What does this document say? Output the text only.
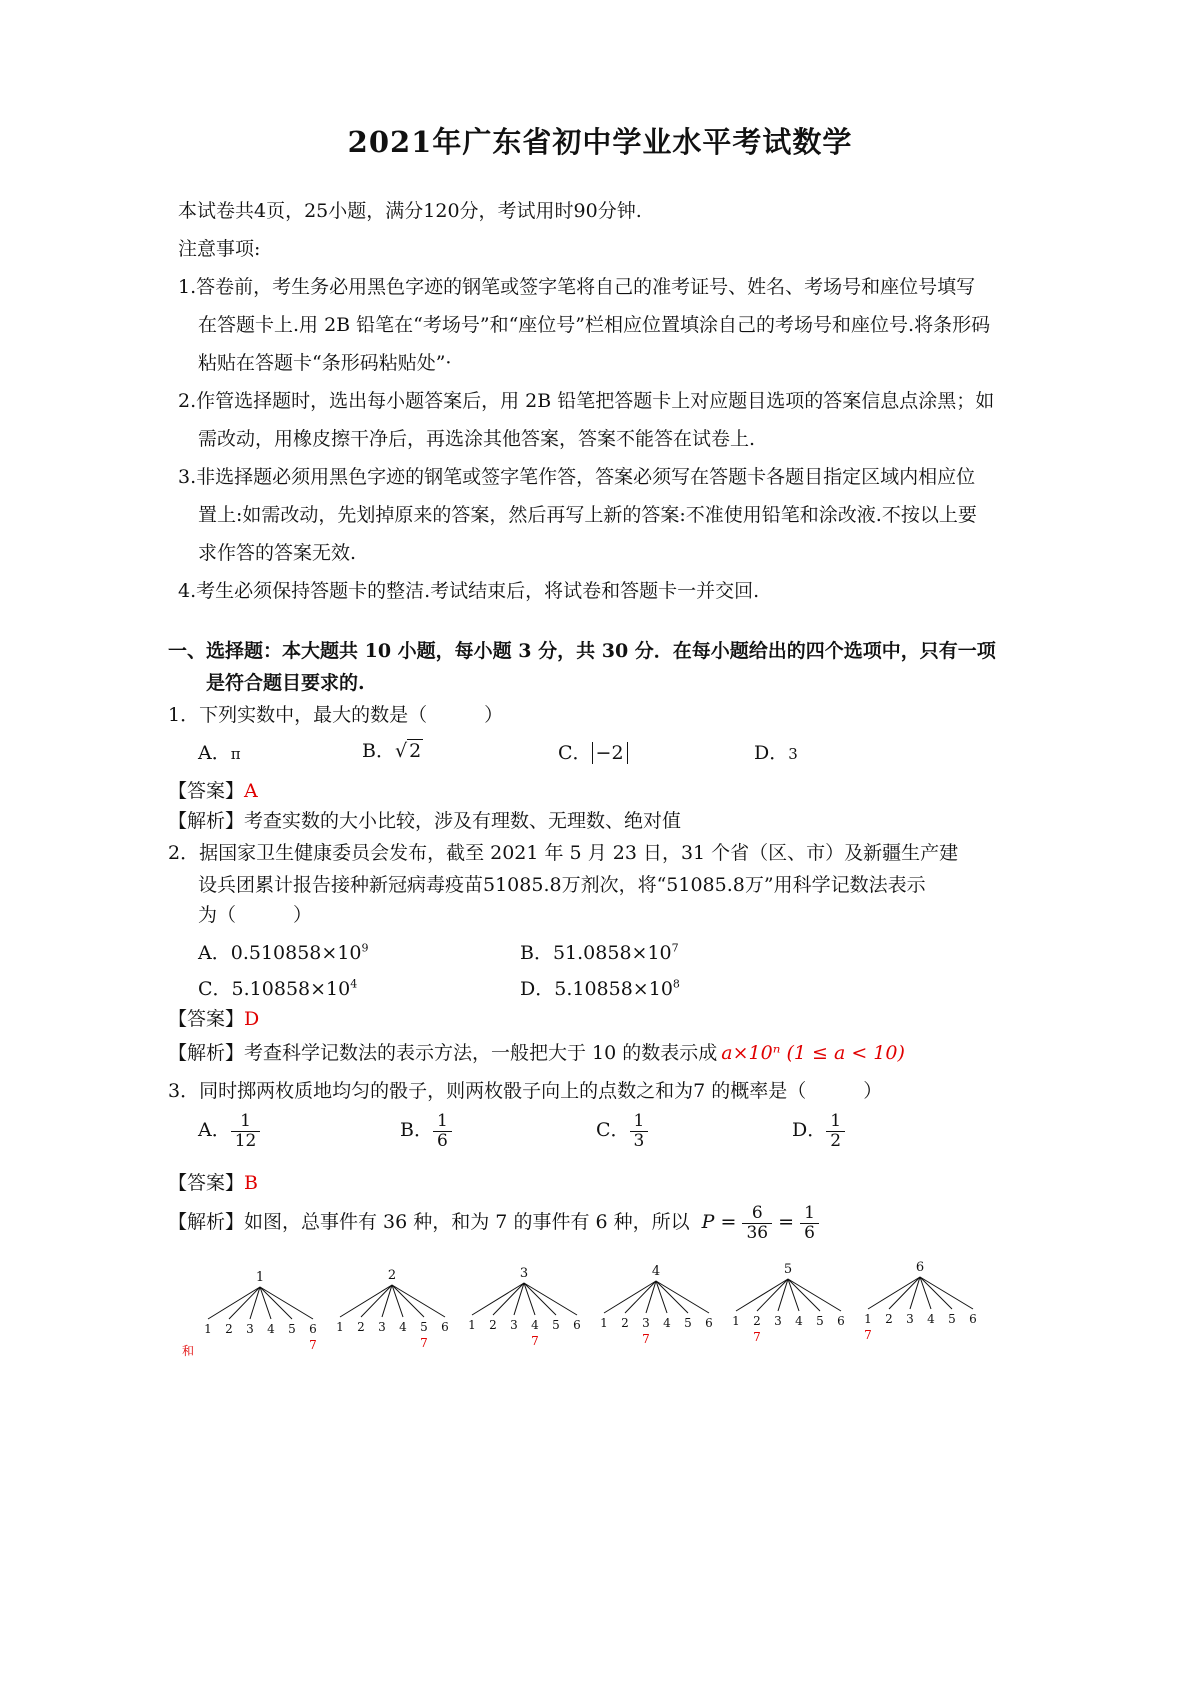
2021年广东省初中学业水平考试数学
本试卷共4页，25小题，满分120分，考试用时90分钟.
注意事项:
1.答卷前，考生务必用黑色字迹的钢笔或签字笔将自己的准考证号、姓名、考场号和座位号填写
在答题卡上.用 2B 铅笔在“考场号”和“座位号”栏相应位置填涂自己的考场号和座位号.将条形码
粘贴在答题卡“条形码粘贴处”·
2.作管选择题时，选出每小题答案后，用 2B 铅笔把答题卡上对应题目选项的答案信息点涂黑；如
需改动，用橡皮擦干净后，再选涂其他答案，答案不能答在试卷上.
3.非选择题必须用黑色字迹的钢笔或签字笔作答，答案必须写在答题卡各题目指定区域内相应位
置上:如需改动，先划掉原来的答案，然后再写上新的答案:不准使用铅笔和涂改液.不按以上要
求作答的答案无效.
4.考生必须保持答题卡的整洁.考试结束后，将试卷和答题卡一并交回.
一、选择题：本大题共 10 小题，每小题 3 分，共 30 分．在每小题给出的四个选项中，只有一项
是符合题目要求的.
1．下列实数中，最大的数是（　　　）
A．π	B．√ 2	C． −2	D．3
【答案】A
【解析】考查实数的大小比较，涉及有理数、无理数、绝对值
2．据国家卫生健康委员会发布，截至 2021 年 5 月 23 日，31 个省（区、市）及新疆生产建
设兵团累计报告接种新冠病毒疫苗51085.8万剂次，将“51085.8万”用科学记数法表示
为（　　　）
A．$0.510858\times 10^9$	B．$51.0858\times 10^7$
C．$5.10858\times 10^4$	D．$5.10858\times 10^8$
【答案】D
【解析】考查科学记数法的表示方法，一般把大于 10 的数表示成 a×10ⁿ (1 ≤ a < 10)
3．同时掷两枚质地均匀的骰子，则两枚骰子向上的点数之和为7 的概率是（　　　）
A． $\frac{1}{12}$	B． $\frac{1}{6}$	C． $\frac{1}{3}$	D． $\frac{1}{2}$
【答案】B
【解析】如图，总事件有 36 种，和为 7 的事件有 6 种，所以 $P = \frac{6}{36} = \frac{1}{6}$
1
1 2 3 4 5 6
7
2
1 2 3 4 5
7
6
3
1 2 3 4
7
5 6
4
1 2 3
7
4 5 6
5
1 2
7
3 4 5 6
6
1
7
2 3 4 5 6
和
